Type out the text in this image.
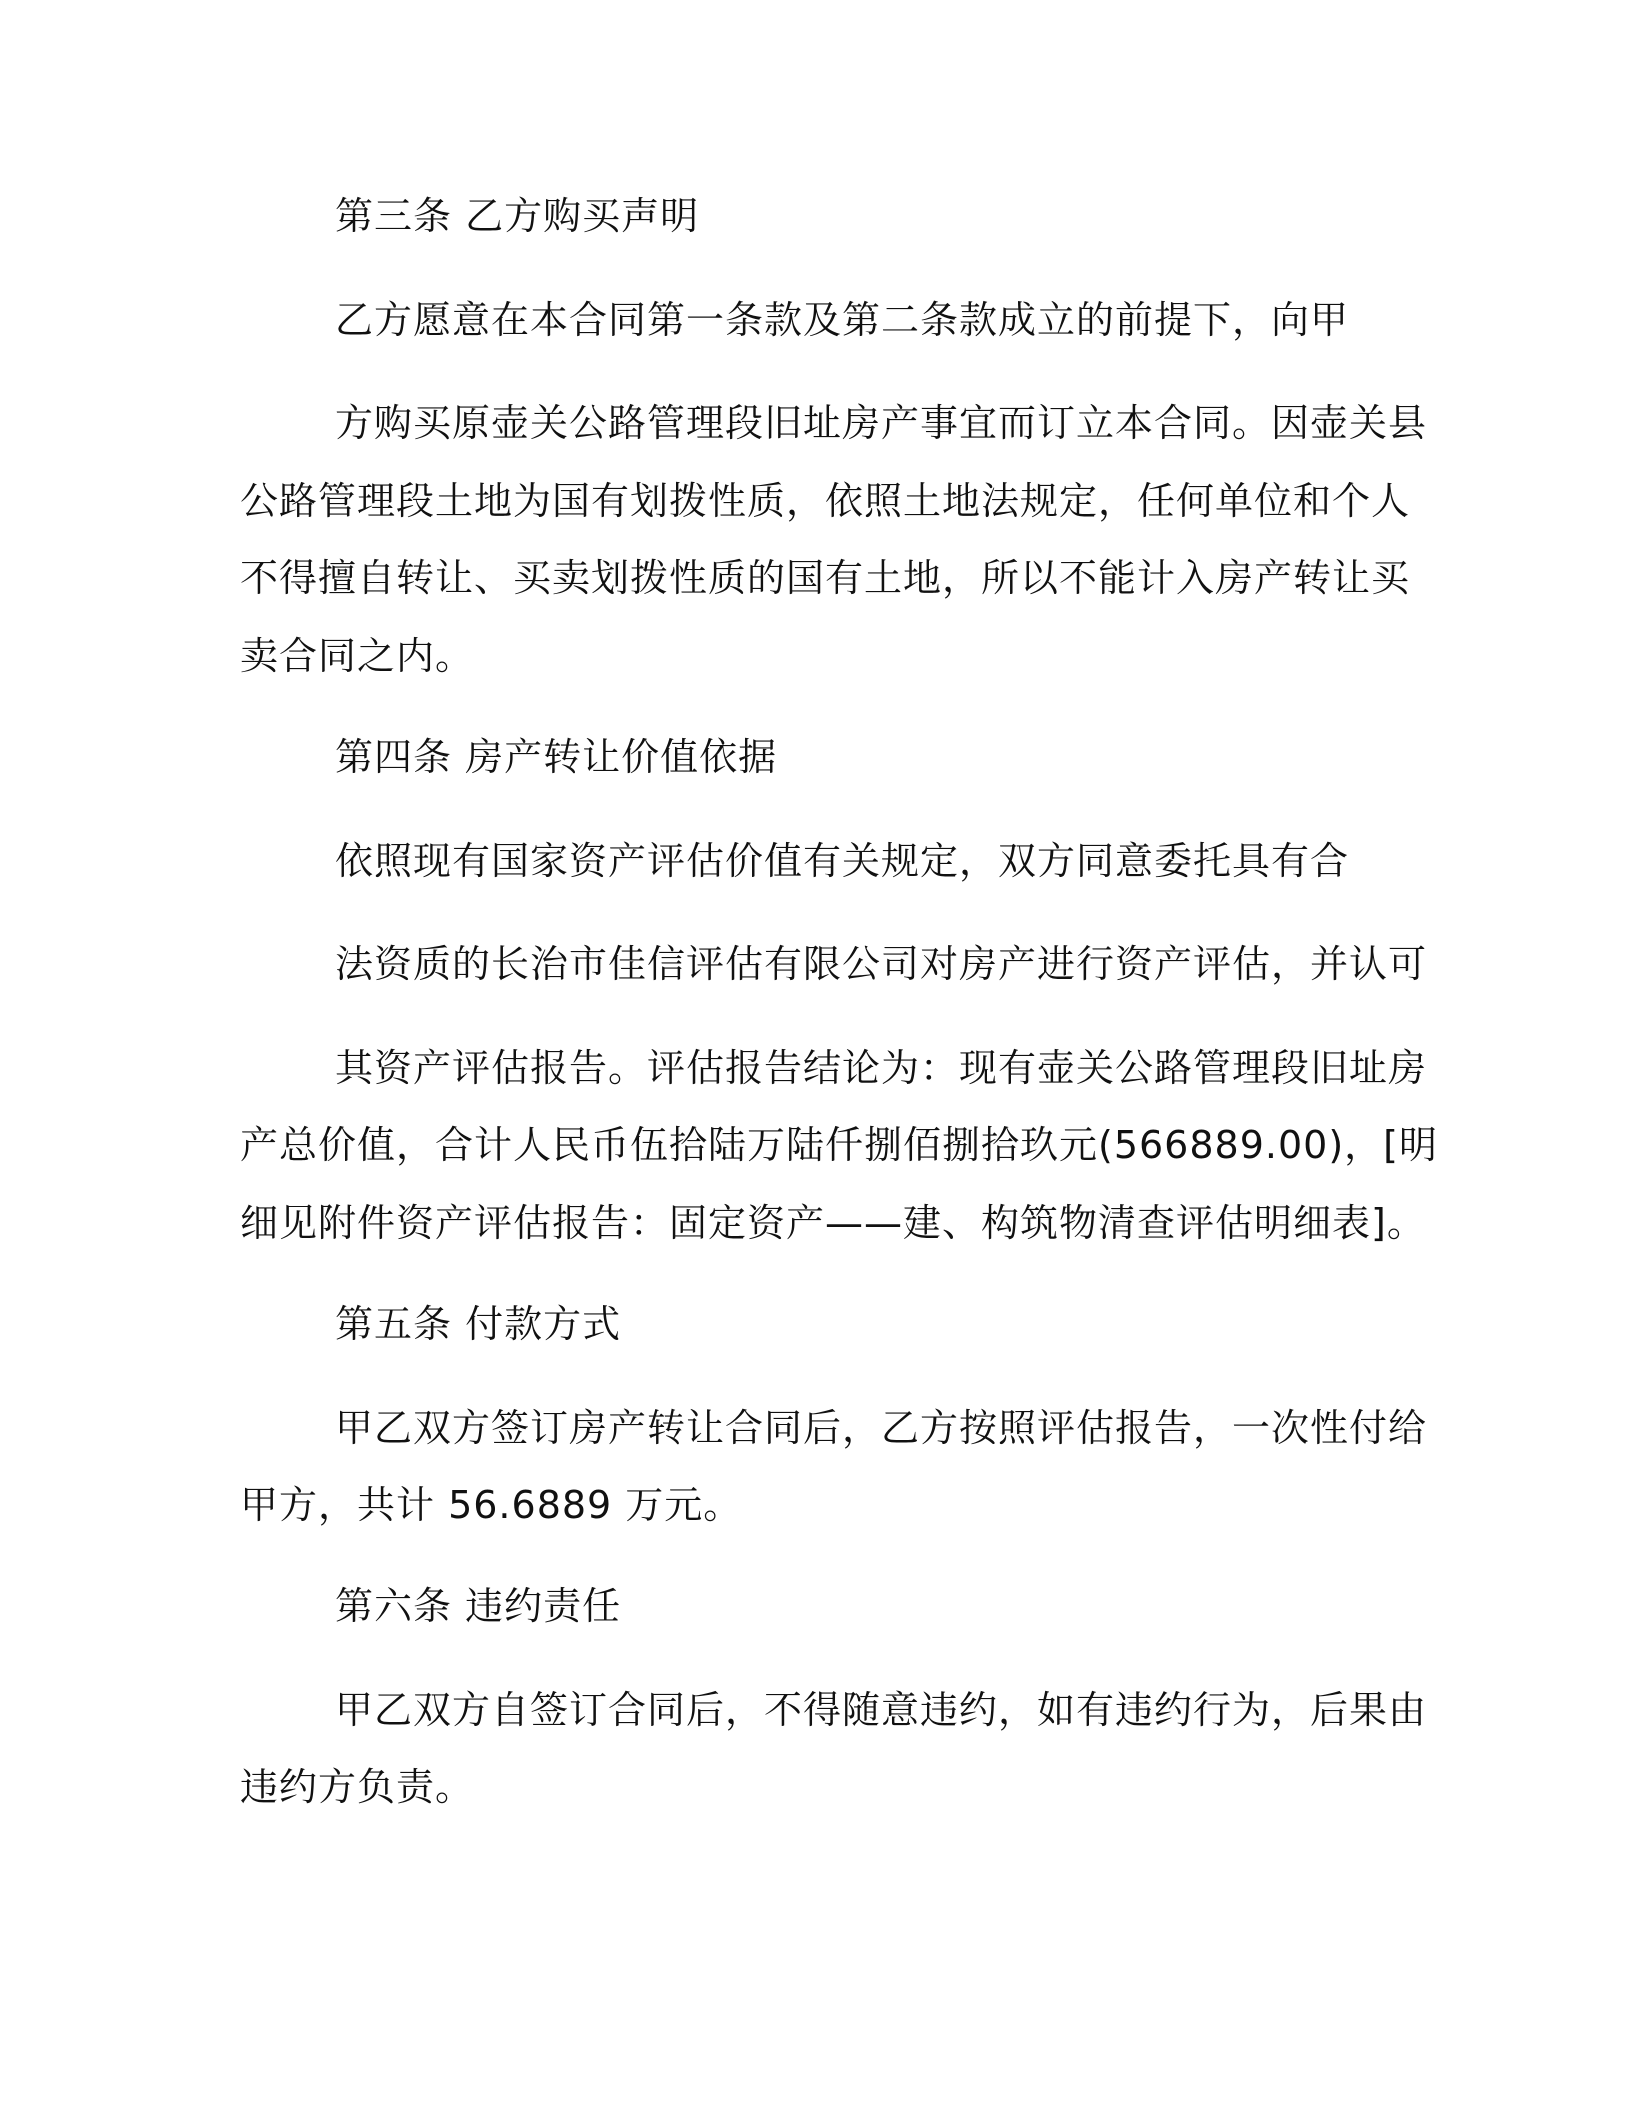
第三条 乙方购买声明
乙方愿意在本合同第一条款及第二条款成立的前提下，向甲
方购买原壶关公路管理段旧址房产事宜而订立本合同。因壶关县
公路管理段土地为国有划拨性质，依照土地法规定，任何单位和个人
不得擅自转让、买卖划拨性质的国有土地，所以不能计入房产转让买
卖合同之内。
第四条 房产转让价值依据
依照现有国家资产评估价值有关规定，双方同意委托具有合
法资质的长治市佳信评估有限公司对房产进行资产评估，并认可
其资产评估报告。评估报告结论为：现有壶关公路管理段旧址房
产总价值，合计人民币伍拾陆万陆仟捌佰捌拾玖元(566889.00)，[明
细见附件资产评估报告：固定资产——建、构筑物清查评估明细表]。
第五条 付款方式
甲乙双方签订房产转让合同后，乙方按照评估报告，一次性付给
甲方，共计 56.6889 万元。
第六条 违约责任
甲乙双方自签订合同后，不得随意违约，如有违约行为，后果由
违约方负责。
